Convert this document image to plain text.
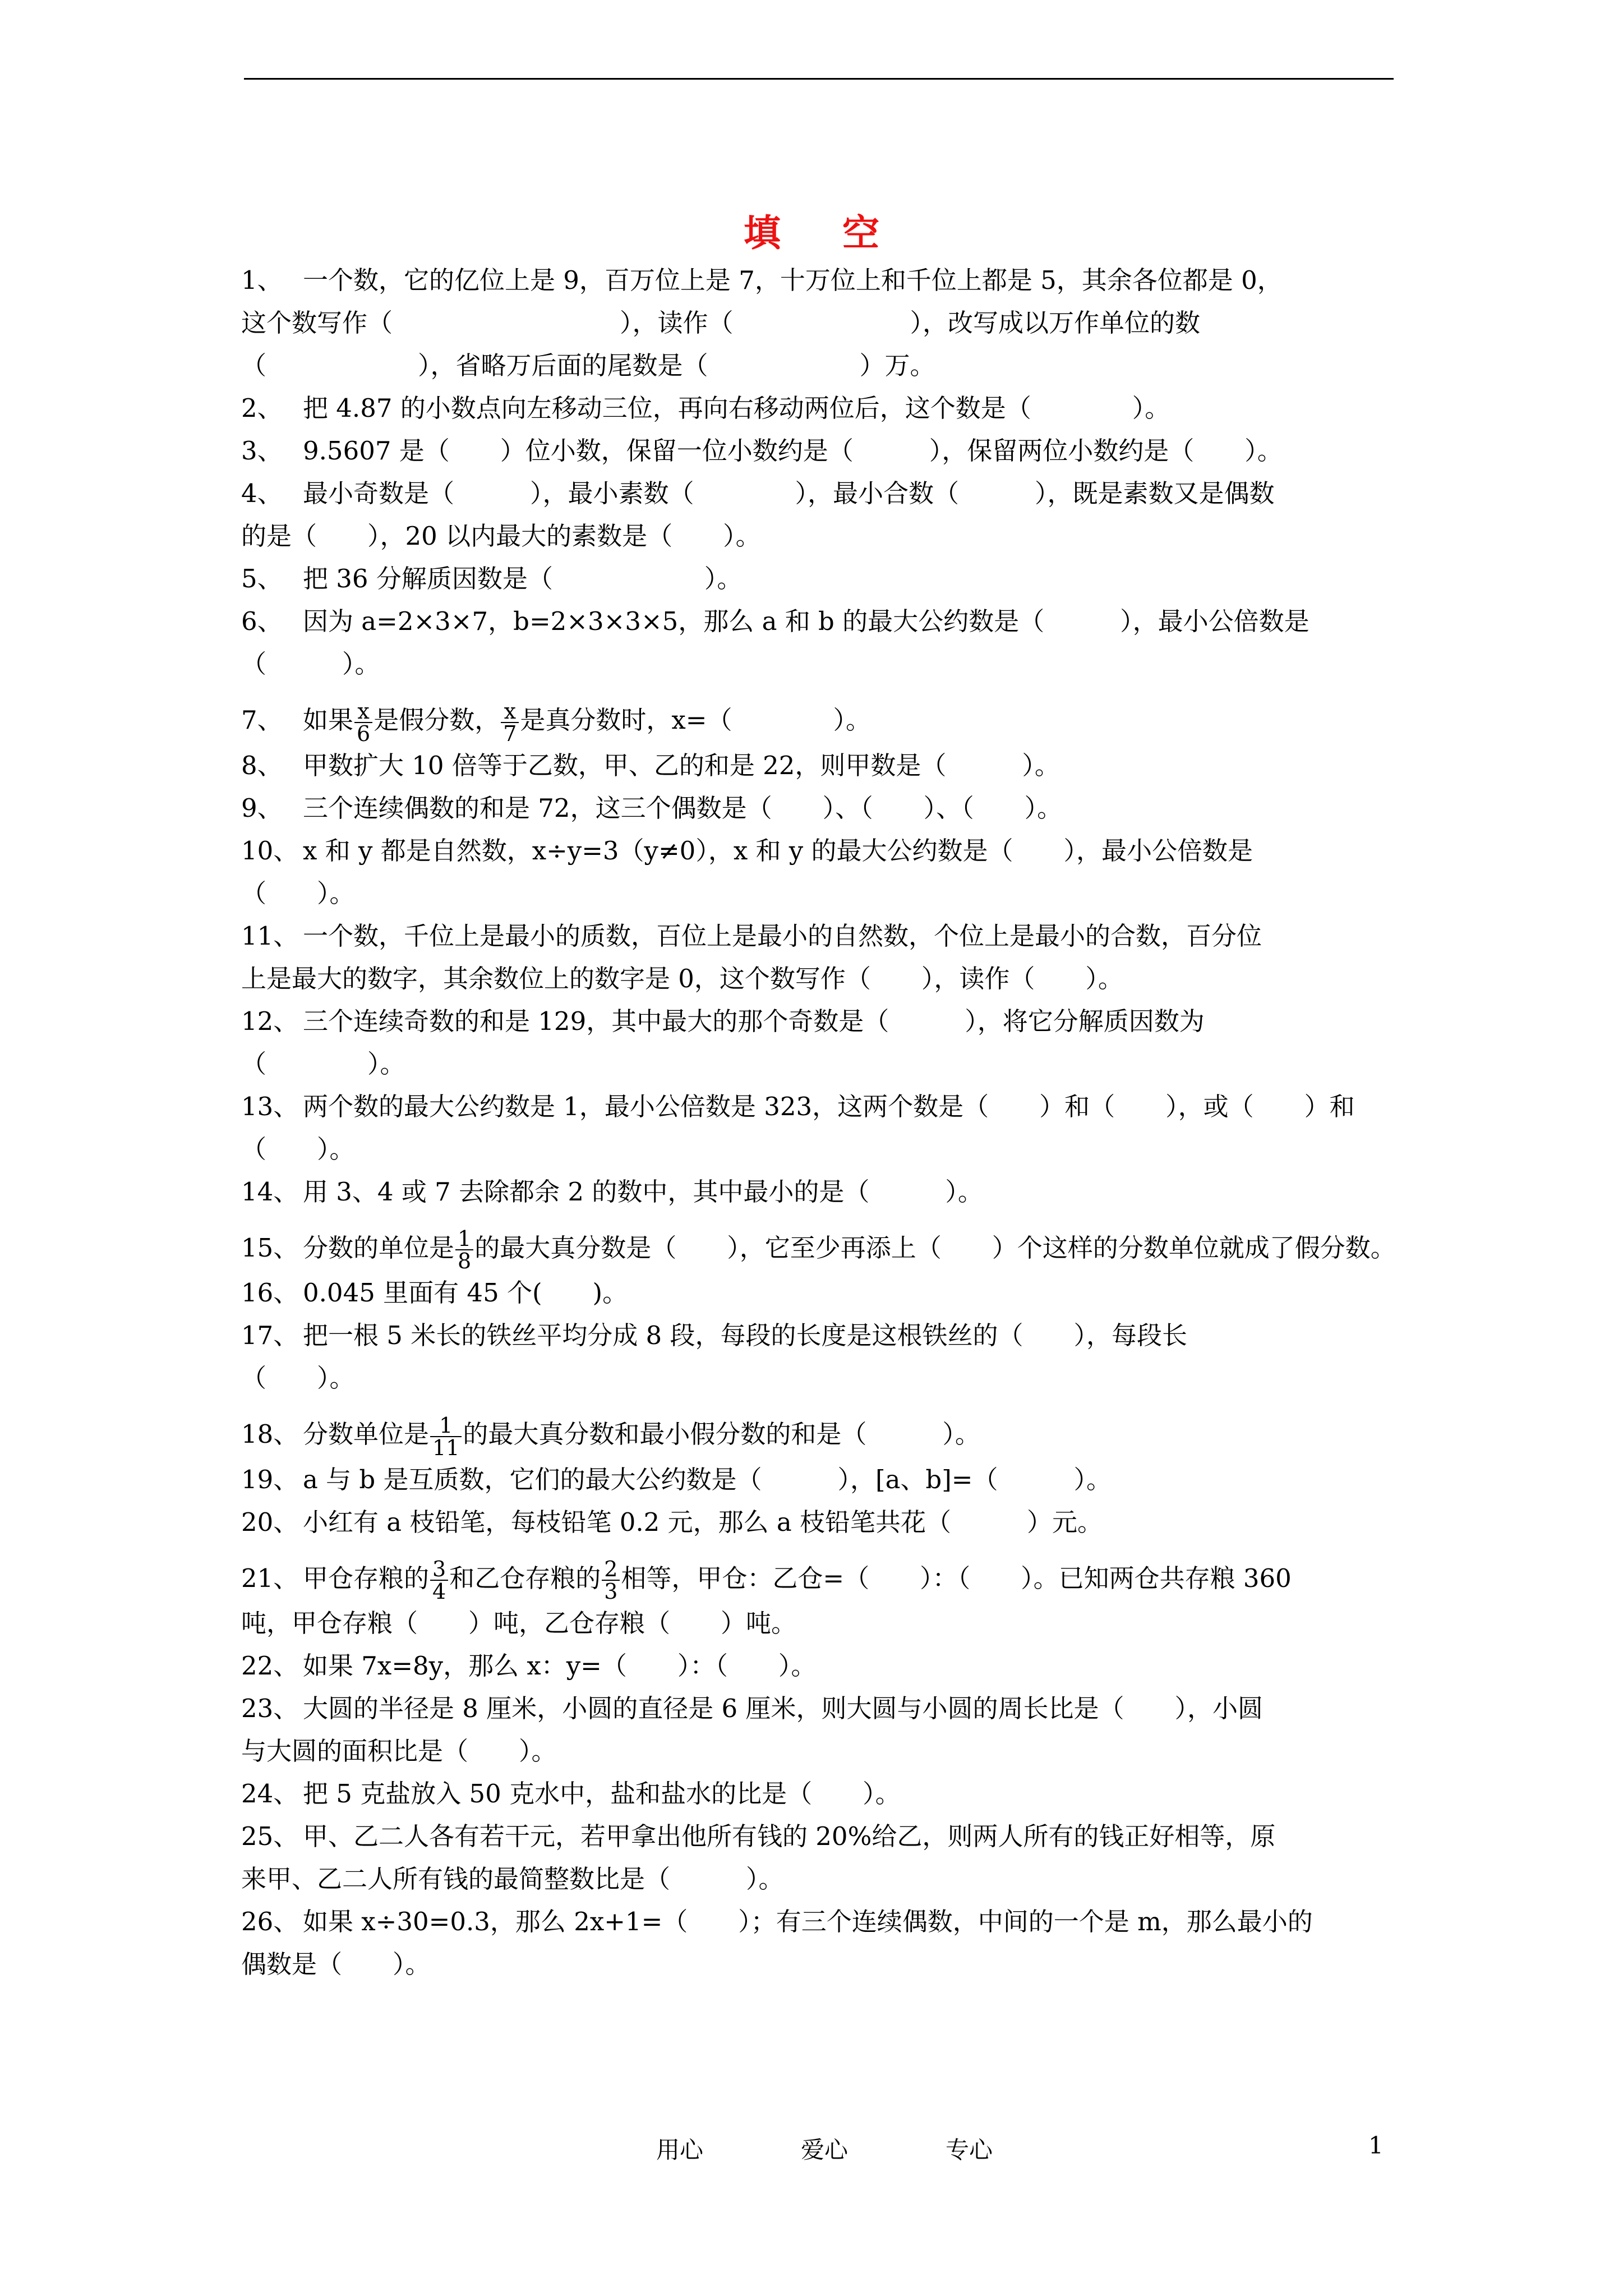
填 空

1、 一个数，它的亿位上是 9，百万位上是 7，十万位上和千位上都是 5，其余各位都是 0，
这个数写作（　　　　　　　　　），读作（　　　　　　　），改写成以万作单位的数
（　　　　　　），省略万后面的尾数是（　　　　　　）万。

2、 把 4.87 的小数点向左移动三位，再向右移动两位后，这个数是（　　　　）。

3、 9.5607 是（　　）位小数，保留一位小数约是（　　　），保留两位小数约是（　　）。

4、 最小奇数是（　　　），最小素数（　　　　），最小合数（　　　），既是素数又是偶数
的是（　　），20 以内最大的素数是（　　）。

5、 把 36 分解质因数是（　　　　　　）。

6、 因为 a=2×3×7，b=2×3×3×5，那么 a 和 b 的最大公约数是（　　　），最小公倍数是
（　　　）。

7、 如果 $\frac{x}{6}$ 是假分数， $\frac{x}{7}$ 是真分数时，x=（　　　　）。

8、 甲数扩大 10 倍等于乙数，甲、乙的和是 22，则甲数是（　　　）。

9、 三个连续偶数的和是 72，这三个偶数是（　　）、（　　）、（　　）。

10、 x 和 y 都是自然数，x÷y=3（y≠0），x 和 y 的最大公约数是（　　），最小公倍数是
（　　）。

11、 一个数，千位上是最小的质数，百位上是最小的自然数，个位上是最小的合数，百分位
上是最大的数字，其余数位上的数字是 0，这个数写作（　　），读作（　　）。

12、 三个连续奇数的和是 129，其中最大的那个奇数是（　　　），将它分解质因数为
（　　　　）。

13、 两个数的最大公约数是 1，最小公倍数是 323，这两个数是（　　）和（　　），或（　　）和
（　　）。

14、 用 3、4 或 7 去除都余 2 的数中，其中最小的是（　　　）。

15、 分数的单位是 $\frac{1}{8}$ 的最大真分数是（　　），它至少再添上（　　）个这样的分数单位就成了假分数。

16、 0.045 里面有 45 个(　　)。

17、 把一根 5 米长的铁丝平均分成 8 段，每段的长度是这根铁丝的（　　），每段长
（　　）。

18、 分数单位是 $\frac{1}{11}$ 的最大真分数和最小假分数的和是（　　　）。

19、 a 与 b 是互质数，它们的最大公约数是（　　　），[a、b]=（　　　）。

20、 小红有 a 枝铅笔，每枝铅笔 0.2 元，那么 a 枝铅笔共花（　　　）元。

21、 甲仓存粮的 $\frac{3}{4}$ 和乙仓存粮的 $\frac{2}{3}$ 相等，甲仓：乙仓=（　　）：（　　）。已知两仓共存粮 360
吨，甲仓存粮（　　）吨，乙仓存粮（　　）吨。

22、 如果 7x=8y，那么 x：y=（　　）：（　　）。

23、 大圆的半径是 8 厘米，小圆的直径是 6 厘米，则大圆与小圆的周长比是（　　），小圆
与大圆的面积比是（　　）。

24、 把 5 克盐放入 50 克水中，盐和盐水的比是（　　）。

25、 甲、乙二人各有若干元，若甲拿出他所有钱的 20%给乙，则两人所有的钱正好相等，原
来甲、乙二人所有钱的最简整数比是（　　　）。

26、 如果 x÷30=0.3，那么 2x+1=（　　）；有三个连续偶数，中间的一个是 m，那么最小的
偶数是（　　）。

用心	爱心	专心	1
